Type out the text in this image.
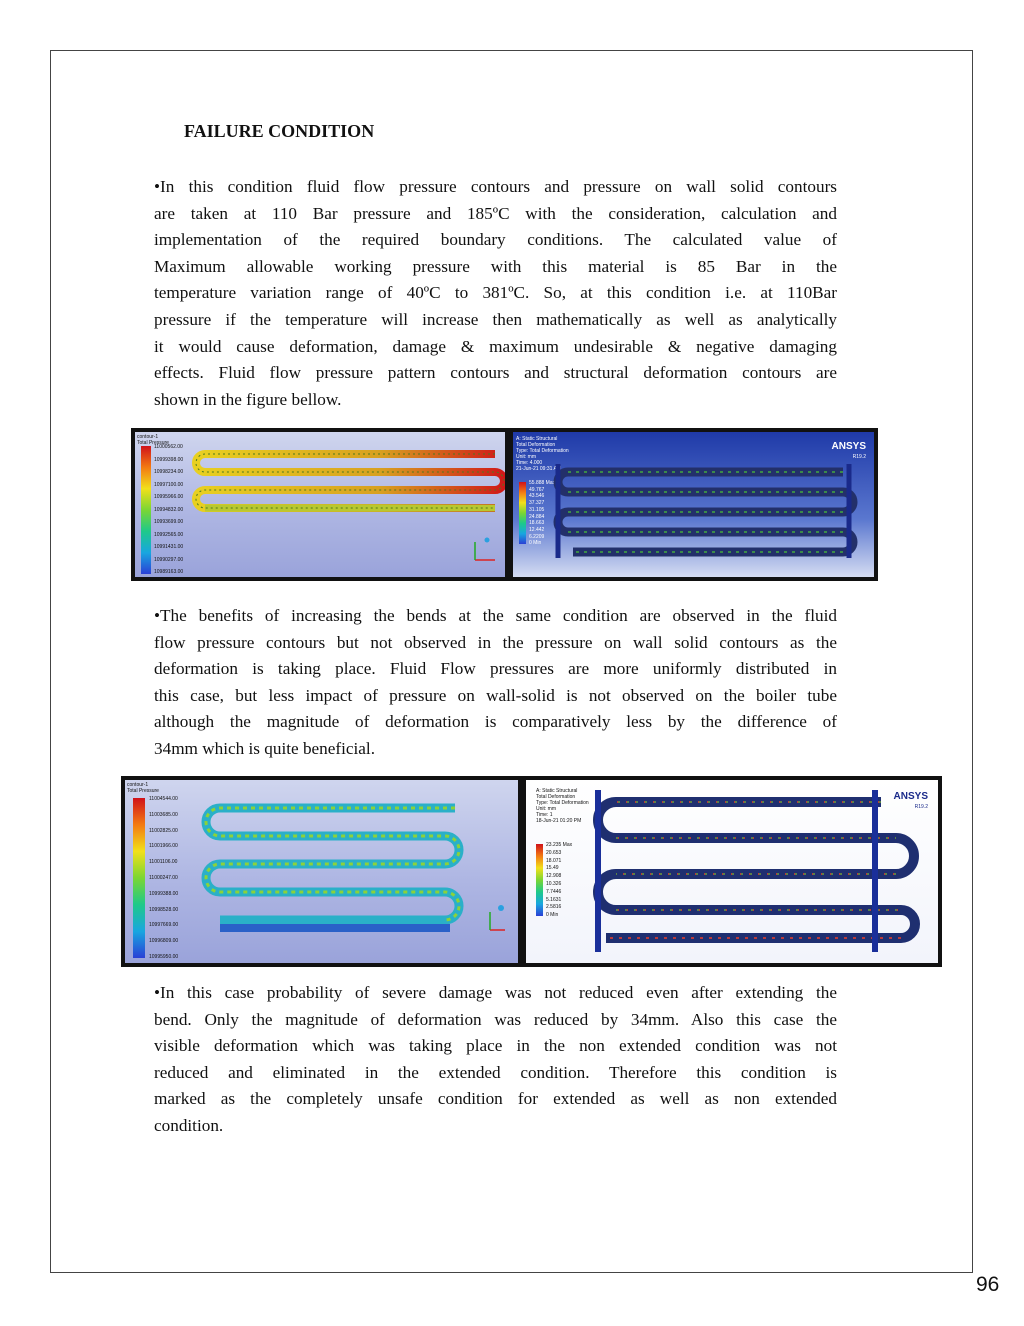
FAILURE CONDITION
•In this condition fluid flow pressure contours and pressure on wall solid contours
are taken at 110 Bar pressure and 185ºC with the consideration, calculation and
implementation of the required boundary conditions. The calculated value of
Maximum allowable working pressure with this material is 85 Bar in the
temperature variation range of 40ºC to 381ºC. So, at this condition i.e. at 110Bar
pressure if the temperature will increase then mathematically as well as analytically
it would cause deformation, damage & maximum undesirable & negative damaging
effects. Fluid flow pressure pattern contours and structural deformation contours are
shown in the figure bellow.
contour-1
Total Pressure
11000562.00
10999398.00
10998234.00
10997100.00
10995966.00
10994832.00
10993699.00
10992565.00
10991431.00
10990297.00
10989163.00
A: Static Structural
Total Deformation
Type: Total Deformation
Unit: mm
Time: 4.000
21-Jun-21 09:31 AM
55.888 Max
49.767
43.546
37.327
31.105
24.884
18.663
12.442
6.2209
0 Min
ANSYS
R19.2
•The benefits of increasing the bends at the same condition are observed in the fluid
flow pressure contours but not observed in the pressure on wall solid contours as the
deformation is taking place. Fluid Flow pressures are more uniformly distributed in
this case, but less impact of pressure on wall-solid is not observed on the boiler tube
although the magnitude of deformation is comparatively less by the difference of
34mm which is quite beneficial.
contour-1
Total Pressure
11004544.00
11003685.00
11002825.00
11001966.00
11001106.00
11000247.00
10999388.00
10998528.00
10997669.00
10996809.00
10995950.00
A: Static Structural
Total Deformation
Type: Total Deformation
Unit: mm
Time: 1
18-Jun-21 01:20 PM
23.235 Max
20.653
18.071
15.49
12.908
10.326
7.7446
5.1631
2.5816
0 Min
ANSYS
R19.2
•In this case probability of severe damage was not reduced even after extending the
bend. Only the magnitude of deformation was reduced by 34mm. Also this case the
visible deformation which was taking place in the non extended condition was not
reduced and eliminated in the extended condition. Therefore this condition is
marked as the completely unsafe condition for extended as well as non extended
condition.
96
